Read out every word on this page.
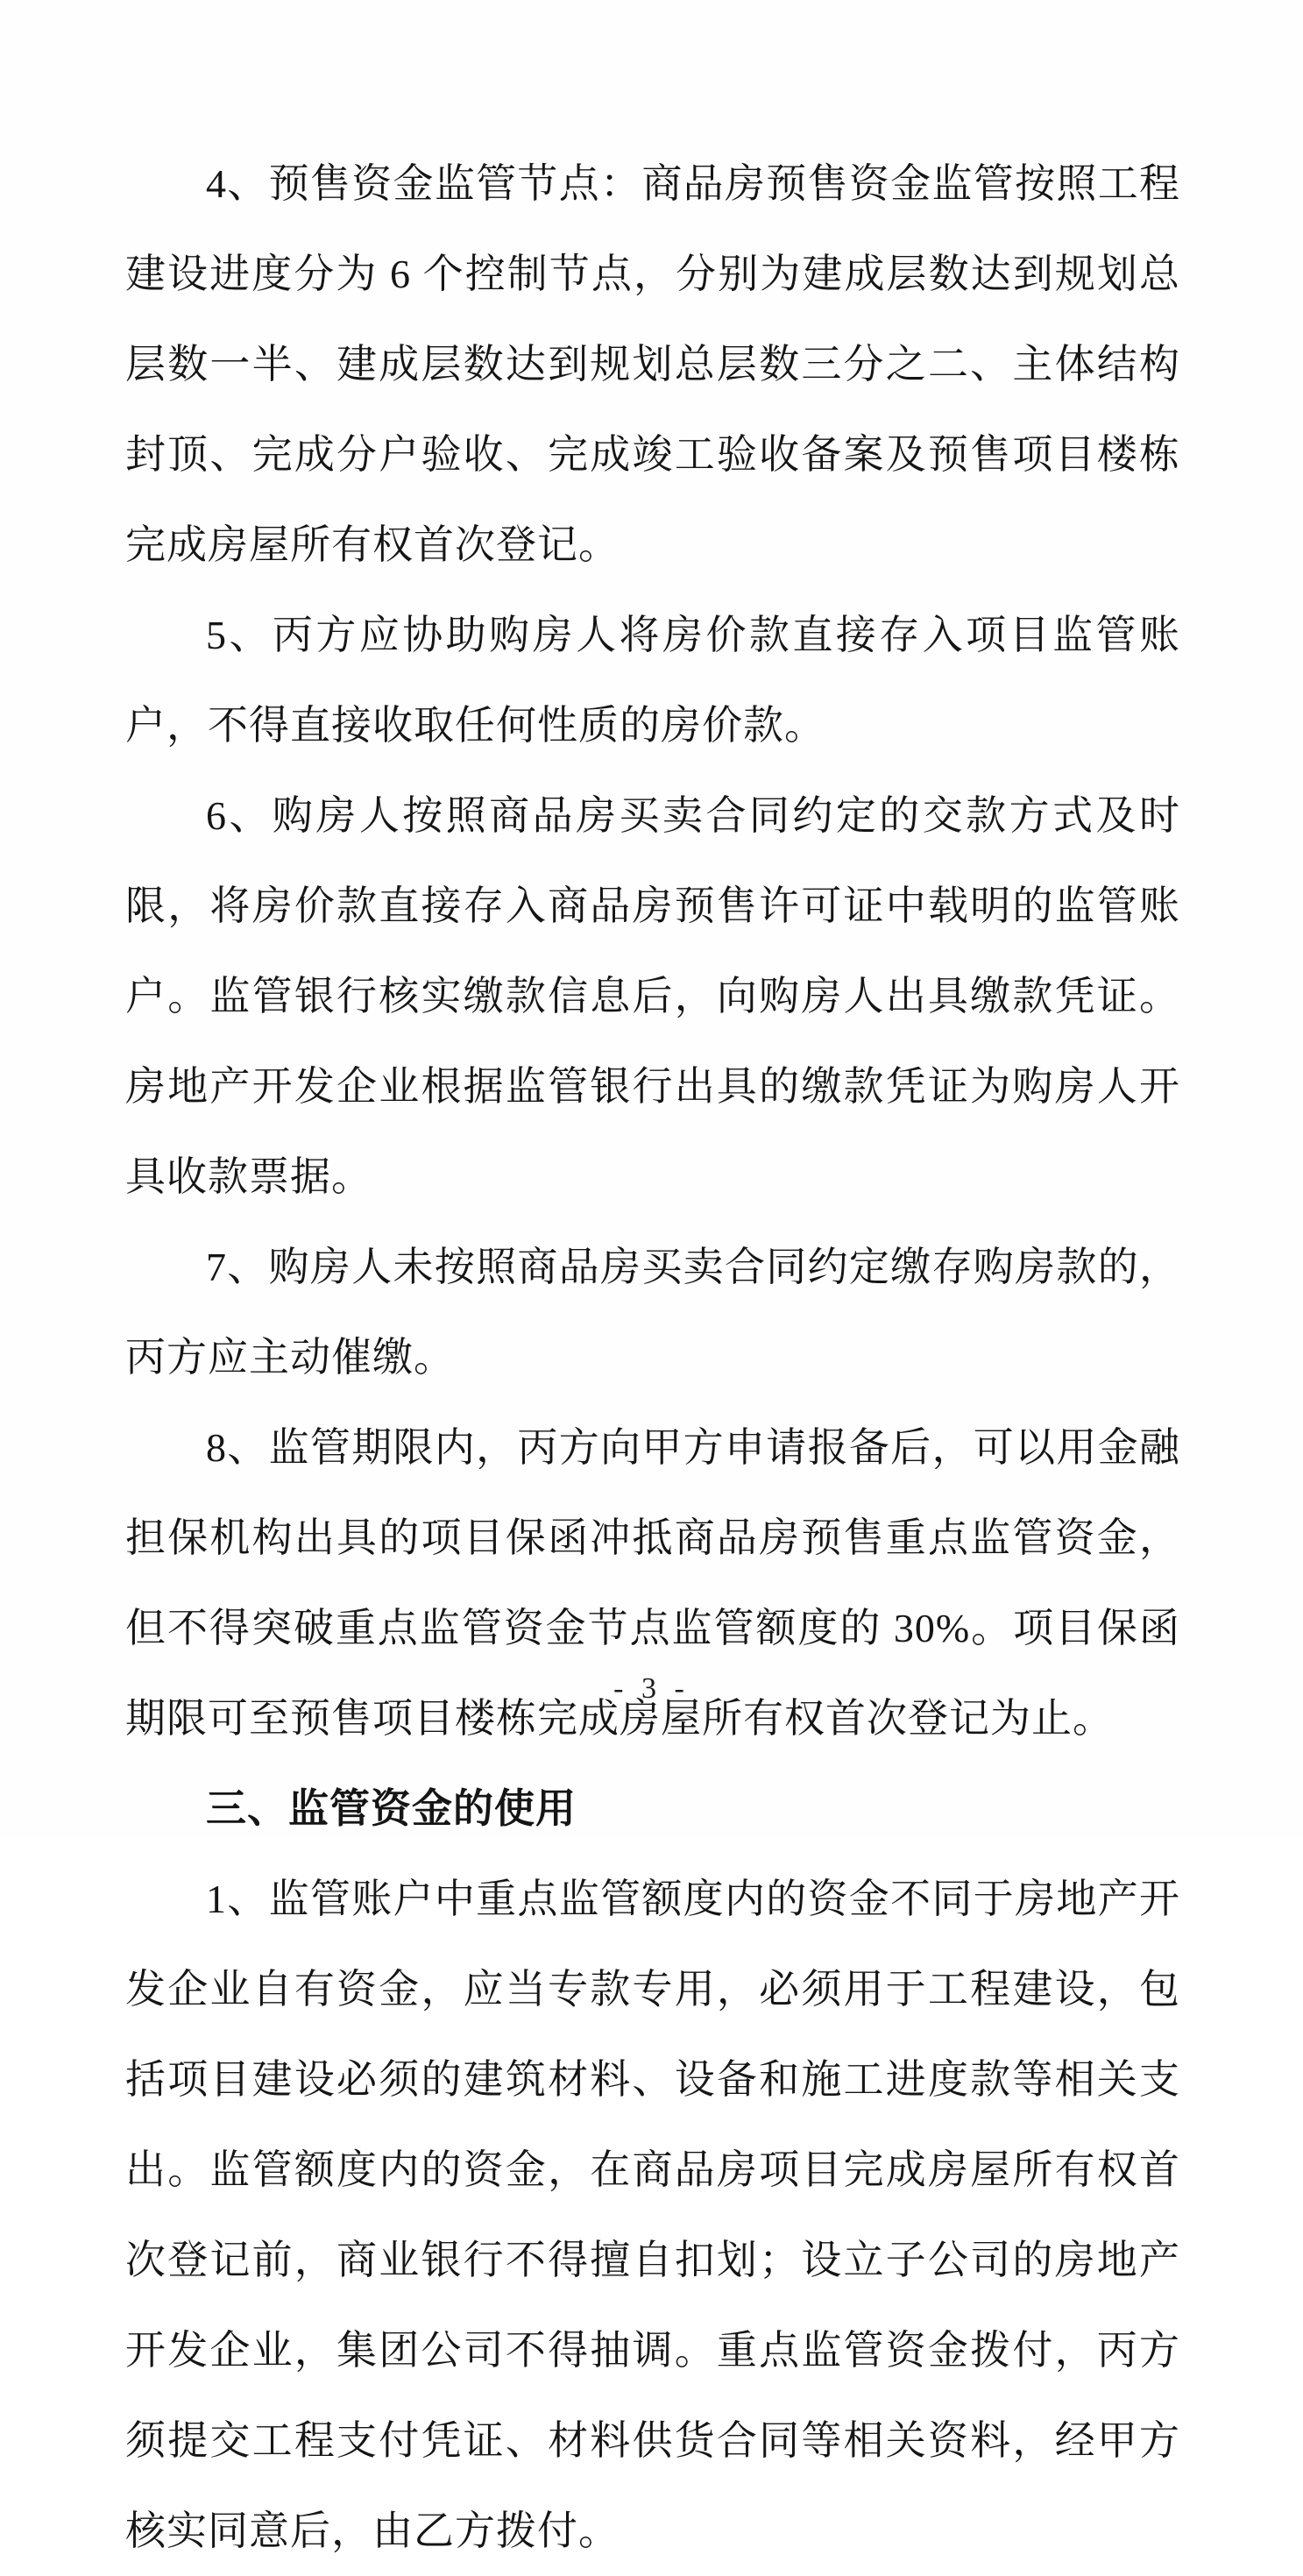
4、预售资金监管节点：商品房预售资金监管按照工程建设进度分为 6 个控制节点，分别为建成层数达到规划总层数一半、建成层数达到规划总层数三分之二、主体结构封顶、完成分户验收、完成竣工验收备案及预售项目楼栋完成房屋所有权首次登记。

5、丙方应协助购房人将房价款直接存入项目监管账户，不得直接收取任何性质的房价款。

6、购房人按照商品房买卖合同约定的交款方式及时限，将房价款直接存入商品房预售许可证中载明的监管账户。监管银行核实缴款信息后，向购房人出具缴款凭证。房地产开发企业根据监管银行出具的缴款凭证为购房人开具收款票据。

7、购房人未按照商品房买卖合同约定缴存购房款的，丙方应主动催缴。

8、监管期限内，丙方向甲方申请报备后，可以用金融担保机构出具的项目保函冲抵商品房预售重点监管资金，但不得突破重点监管资金节点监管额度的 30%。项目保函期限可至预售项目楼栋完成房屋所有权首次登记为止。

三、监管资金的使用

1、监管账户中重点监管额度内的资金不同于房地产开发企业自有资金，应当专款专用，必须用于工程建设，包括项目建设必须的建筑材料、设备和施工进度款等相关支出。监管额度内的资金，在商品房项目完成房屋所有权首次登记前，商业银行不得擅自扣划；设立子公司的房地产开发企业，集团公司不得抽调。重点监管资金拨付，丙方须提交工程支付凭证、材料供货合同等相关资料，经甲方核实同意后，由乙方拨付。

- 3 -
